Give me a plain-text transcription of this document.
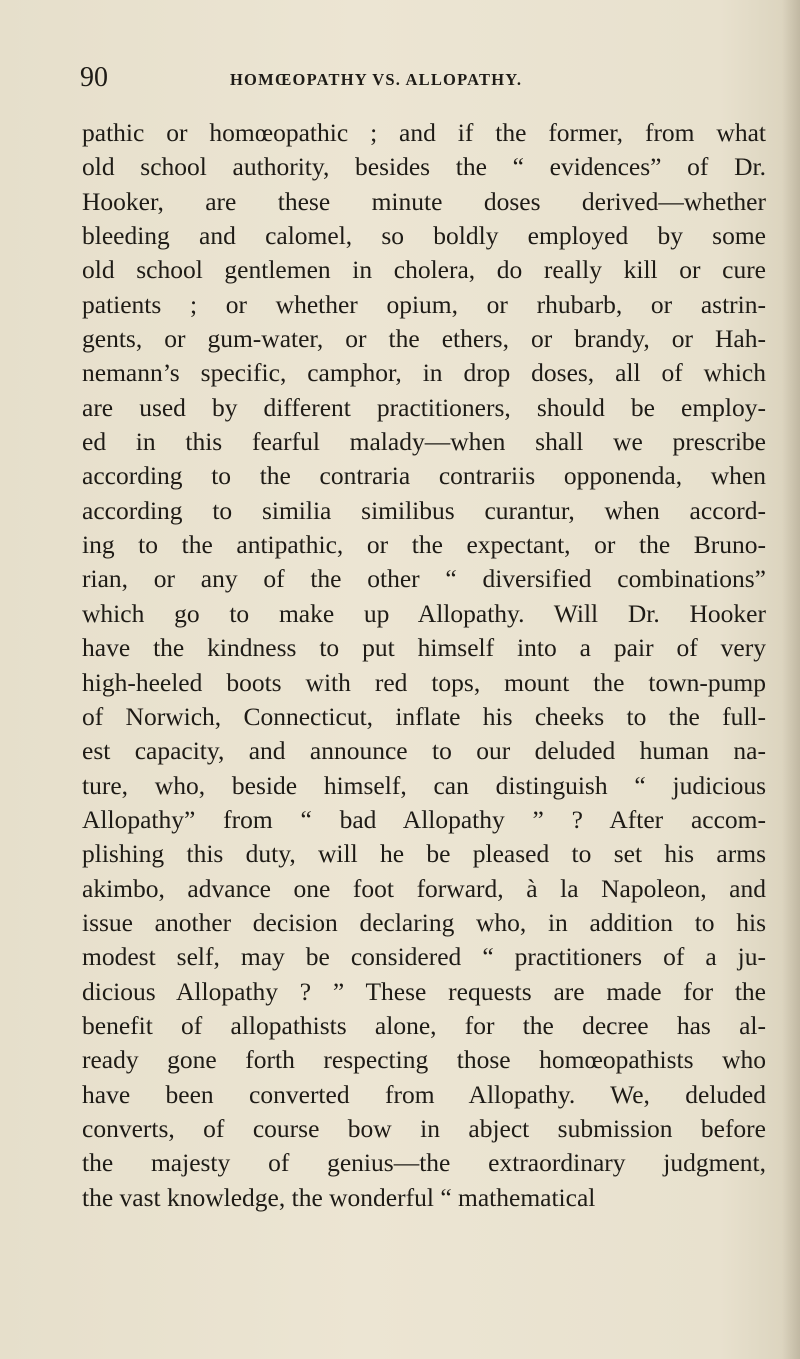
90	HOMŒOPATHY VS. ALLOPATHY.
pathic or homœopathic ; and if the former, from what
old school authority, besides the “ evidences” of Dr.
Hooker, are these minute doses derived—whether
bleeding and calomel, so boldly employed by some
old school gentlemen in cholera, do really kill or cure
patients ; or whether opium, or rhubarb, or astrin-
gents, or gum-water, or the ethers, or brandy, or Hah-
nemann’s specific, camphor, in drop doses, all of which
are used by different practitioners, should be employ-
ed in this fearful malady—when shall we prescribe
according to the contraria contrariis opponenda, when
according to similia similibus curantur, when accord-
ing to the antipathic, or the expectant, or the Bruno-
rian, or any of the other “ diversified combinations”
which go to make up Allopathy. Will Dr. Hooker
have the kindness to put himself into a pair of very
high-heeled boots with red tops, mount the town-pump
of Norwich, Connecticut, inflate his cheeks to the full-
est capacity, and announce to our deluded human na-
ture, who, beside himself, can distinguish “ judicious
Allopathy” from “ bad Allopathy ” ? After accom-
plishing this duty, will he be pleased to set his arms
akimbo, advance one foot forward, à la Napoleon, and
issue another decision declaring who, in addition to his
modest self, may be considered “ practitioners of a ju-
dicious Allopathy ? ” These requests are made for the
benefit of allopathists alone, for the decree has al-
ready gone forth respecting those homœopathists who
have been converted from Allopathy. We, deluded
converts, of course bow in abject submission before
the majesty of genius—the extraordinary judgment,
the vast knowledge, the wonderful “ mathematical
